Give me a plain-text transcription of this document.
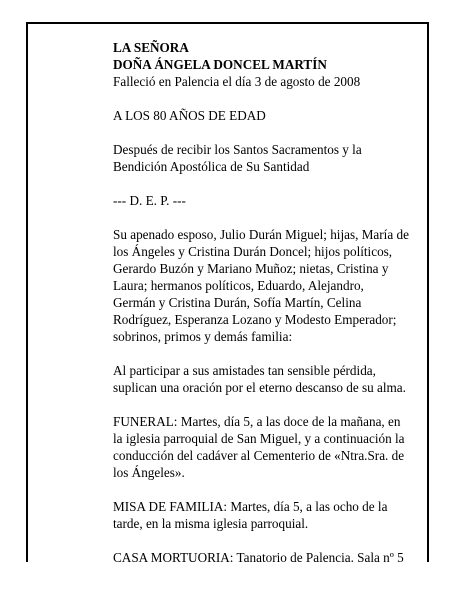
LA SEÑORA
DOÑA ÁNGELA DONCEL MARTÍN
Falleció en Palencia el día 3 de agosto de 2008
A LOS 80 AÑOS DE EDAD
Después de recibir los Santos Sacramentos y la
Bendición Apostólica de Su Santidad
--- D. E. P. ---
Su apenado esposo, Julio Durán Miguel; hijas, María de
los Ángeles y Cristina Durán Doncel; hijos políticos,
Gerardo Buzón y Mariano Muñoz; nietas, Cristina y
Laura; hermanos políticos, Eduardo, Alejandro,
Germán y Cristina Durán, Sofía Martín, Celina
Rodríguez, Esperanza Lozano y Modesto Emperador;
sobrinos, primos y demás familia:
Al participar a sus amistades tan sensible pérdida,
suplican una oración por el eterno descanso de su alma.
FUNERAL: Martes, día 5, a las doce de la mañana, en
la iglesia parroquial de San Miguel, y a continuación la
conducción del cadáver al Cementerio de «Ntra.Sra. de
los Ángeles».
MISA DE FAMILIA: Martes, día 5, a las ocho de la
tarde, en la misma iglesia parroquial.
CASA MORTUORIA: Tanatorio de Palencia. Sala nº 5
